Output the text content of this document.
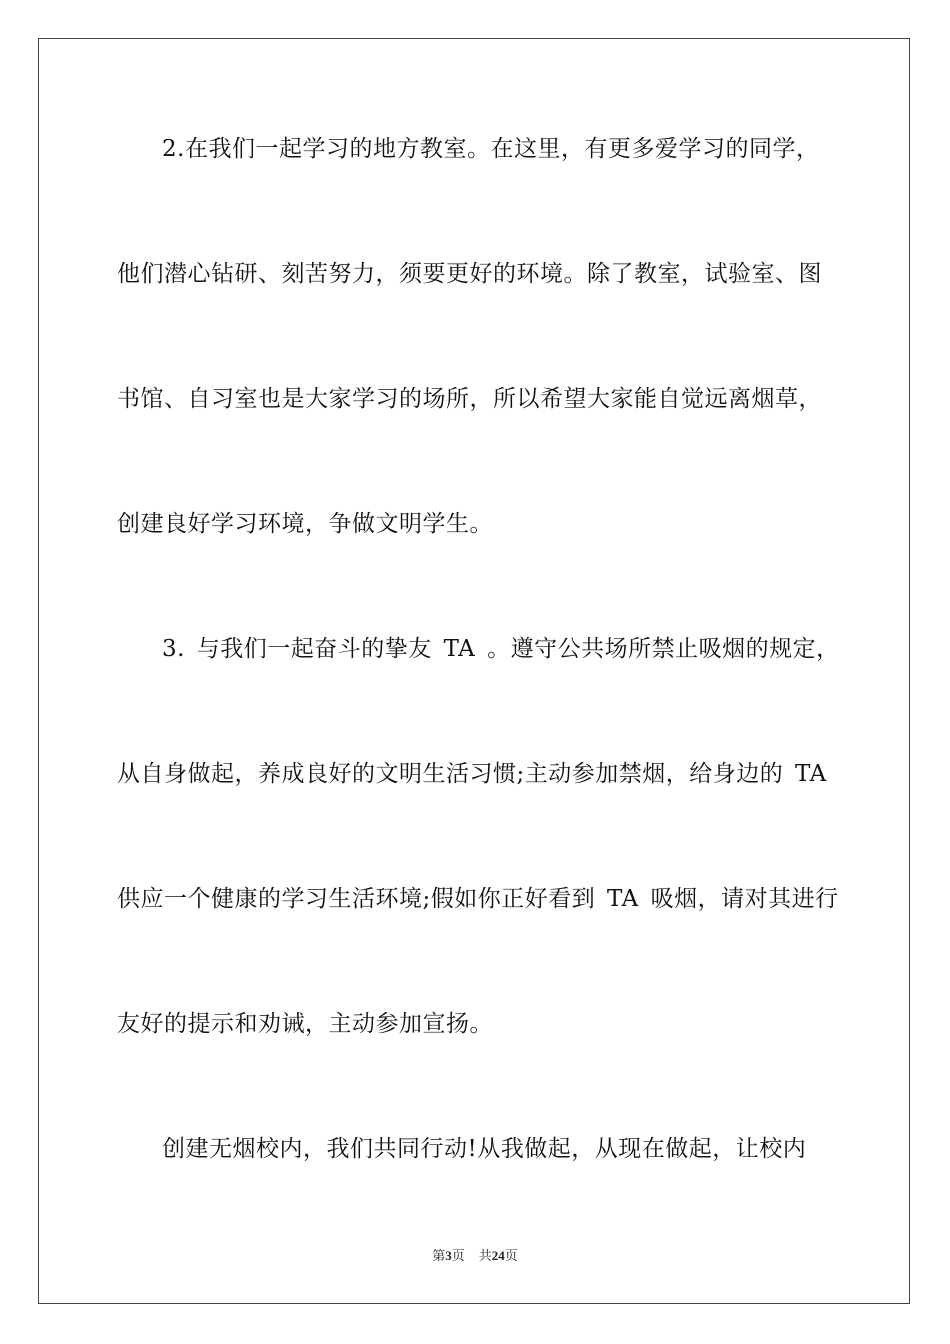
2.在我们一起学习的地方教室。在这里，有更多爱学习的同学，
他们潜心钻研、刻苦努力，须要更好的环境。除了教室，试验室、图
书馆、自习室也是大家学习的场所，所以希望大家能自觉远离烟草，
创建良好学习环境，争做文明学生。
3. 与我们一起奋斗的挚友 TA 。遵守公共场所禁止吸烟的规定，
从自身做起，养成良好的文明生活习惯;主动参加禁烟，给身边的 TA
供应一个健康的学习生活环境;假如你正好看到 TA 吸烟，请对其进行
友好的提示和劝诫，主动参加宣扬。
创建无烟校内，我们共同行动!从我做起，从现在做起，让校内
第3页 共24页
